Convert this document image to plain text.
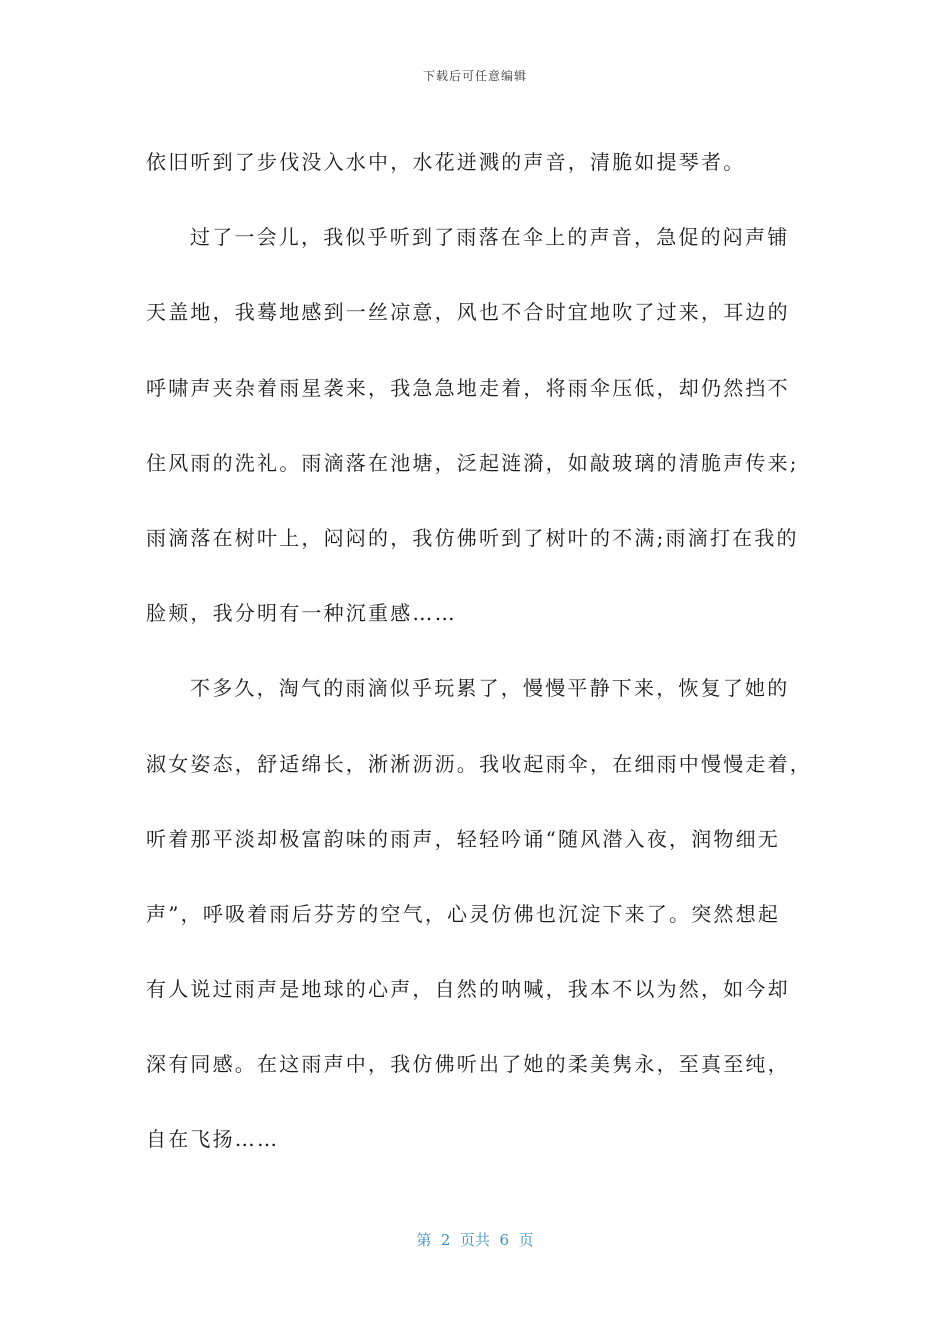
下载后可任意编辑
依旧听到了步伐没入水中，水花迸溅的声音，清脆如提琴者。
过了一会儿，我似乎听到了雨落在伞上的声音，急促的闷声铺
天盖地，我蓦地感到一丝凉意，风也不合时宜地吹了过来，耳边的
呼啸声夹杂着雨星袭来，我急急地走着，将雨伞压低，却仍然挡不
住风雨的洗礼。雨滴落在池塘，泛起涟漪，如敲玻璃的清脆声传来;
雨滴落在树叶上，闷闷的，我仿佛听到了树叶的不满;雨滴打在我的
脸颊，我分明有一种沉重感……
不多久，淘气的雨滴似乎玩累了，慢慢平静下来，恢复了她的
淑女姿态，舒适绵长，淅淅沥沥。我收起雨伞，在细雨中慢慢走着，
听着那平淡却极富韵味的雨声，轻轻吟诵“随风潜入夜，润物细无
声”，呼吸着雨后芬芳的空气，心灵仿佛也沉淀下来了。突然想起
有人说过雨声是地球的心声，自然的呐喊，我本不以为然，如今却
深有同感。在这雨声中，我仿佛听出了她的柔美隽永，至真至纯，
自在飞扬……
第  2  页共  6  页
